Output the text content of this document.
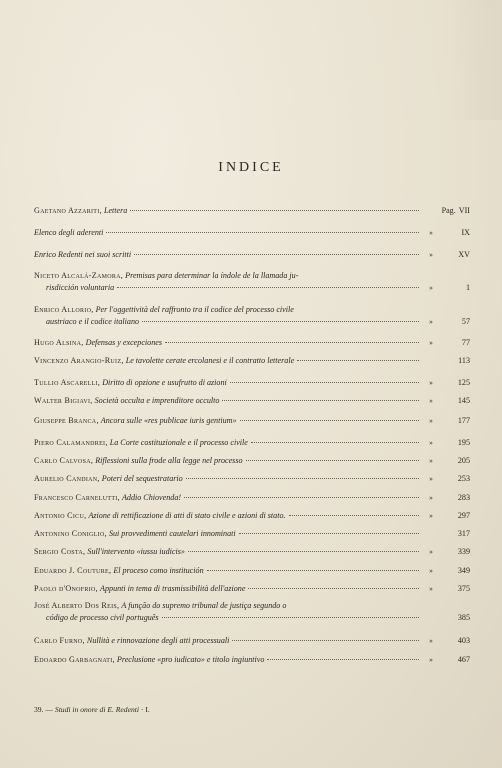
INDICE
Gaetano Azzariti, Lettera	Pag. VII
Elenco degli aderenti	»	IX
Enrico Redenti nei suoi scritti	»	XV
Niceto Alcalá-Zamora, Premisas para determinar la índole de la llamada ju-
risdicción voluntaria	»	1
Enrico Allorio, Per l'oggettività del raffronto tra il codice del processo civile
austriaco e il codice italiano	»	57
Hugo Alsina, Defensas y excepciones	»	77
Vincenzo Arangio-Ruiz, Le tavolette cerate ercolanesi e il contratto letterale	113
Tullio Ascarelli, Diritto di opzione e usufrutto di azioni	»	125
Walter Bigiavi, Società occulta e imprenditore occulto	»	145
Giuseppe Branca, Ancora sulle «res publicae iuris gentium»	»	177
Piero Calamandrei, La Corte costituzionale e il processo civile	»	195
Carlo Calvosa, Riflessioni sulla frode alla legge nel processo	»	205
Aurelio Candian, Poteri del sequestratario	»	253
Francesco Carnelutti, Addio Chiovenda!	»	283
Antonio Cicu, Azione di rettificazione di atti di stato civile e azioni di stato.	»	297
Antonino Coniglio, Sui provvedimenti cautelari innominati	317
Sergio Costa, Sull'intervento «iussu iudicis»	»	339
Eduardo J. Couture, El proceso como institución	»	349
Paolo d'Onofrio, Appunti in tema di trasmissibilità dell'azione	»	375
José Alberto Dos Reis, A função do supremo tribunal de justiça segundo o
código de processo civil português	385
Carlo Furno, Nullità e rinnovazione degli atti processuali	»	403
Edoardo Garbagnati, Preclusione «pro iudicato» e titolo ingiuntivo	»	467
39. — Studi in onore di E. Redenti · I.
